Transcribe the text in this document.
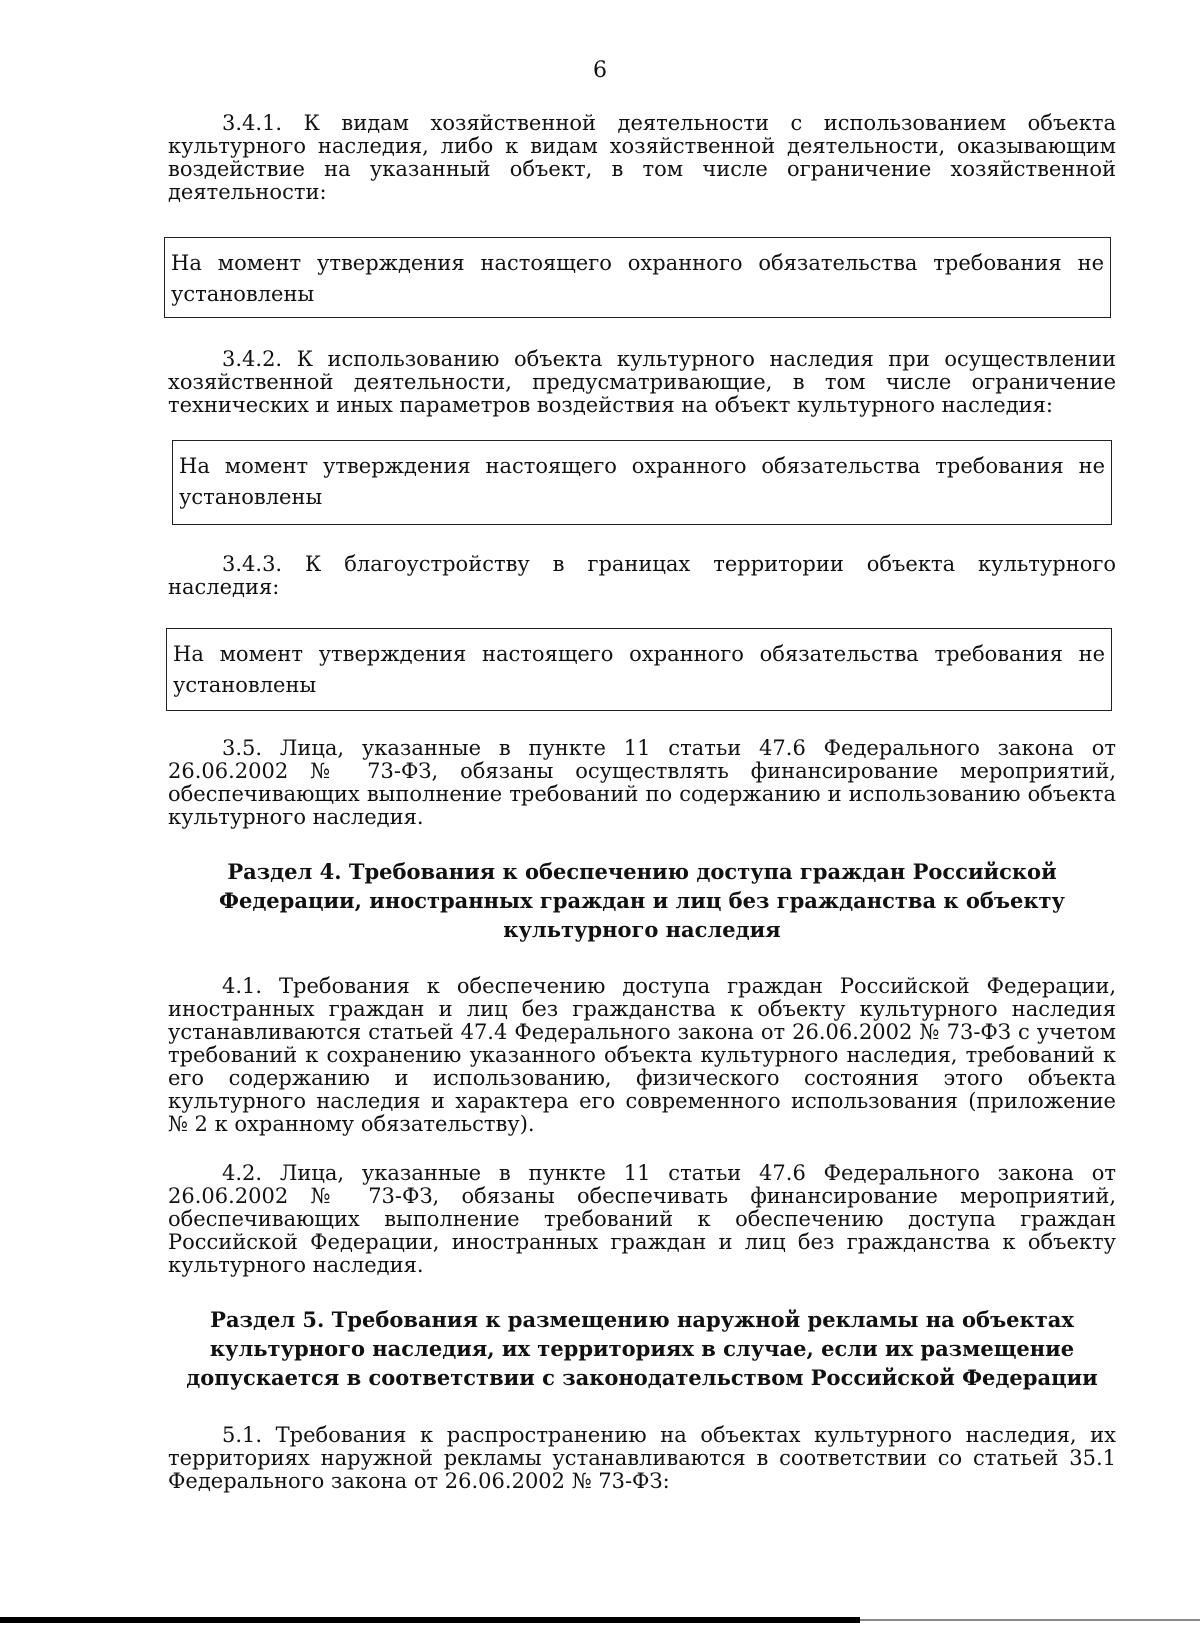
6
3.4.1. К видам хозяйственной деятельности с использованием объекта культурного наследия, либо к видам хозяйственной деятельности, оказывающим воздействие на указанный объект, в том числе ограничение хозяйственной деятельности:
На момент утверждения настоящего охранного обязательства требования не установлены
3.4.2. К использованию объекта культурного наследия при осуществлении хозяйственной деятельности, предусматривающие, в том числе ограничение технических и иных параметров воздействия на объект культурного наследия:
На момент утверждения настоящего охранного обязательства требования не установлены
3.4.3. К благоустройству в границах территории объекта культурного наследия:
На момент утверждения настоящего охранного обязательства требования не установлены
3.5. Лица, указанные в пункте 11 статьи 47.6 Федерального закона от 26.06.2002 № 73-ФЗ, обязаны осуществлять финансирование мероприятий, обеспечивающих выполнение требований по содержанию и использованию объекта культурного наследия.
Раздел 4. Требования к обеспечению доступа граждан Российской Федерации, иностранных граждан и лиц без гражданства к объекту культурного наследия
4.1. Требования к обеспечению доступа граждан Российской Федерации, иностранных граждан и лиц без гражданства к объекту культурного наследия устанавливаются статьей 47.4 Федерального закона от 26.06.2002 № 73-ФЗ с учетом требований к сохранению указанного объекта культурного наследия, требований к его содержанию и использованию, физического состояния этого объекта культурного наследия и характера его современного использования (приложение № 2 к охранному обязательству).
4.2. Лица, указанные в пункте 11 статьи 47.6 Федерального закона от 26.06.2002 № 73-ФЗ, обязаны обеспечивать финансирование мероприятий, обеспечивающих выполнение требований к обеспечению доступа граждан Российской Федерации, иностранных граждан и лиц без гражданства к объекту культурного наследия.
Раздел 5. Требования к размещению наружной рекламы на объектах культурного наследия, их территориях в случае, если их размещение допускается в соответствии с законодательством Российской Федерации
5.1. Требования к распространению на объектах культурного наследия, их территориях наружной рекламы устанавливаются в соответствии со статьей 35.1 Федерального закона от 26.06.2002 № 73-ФЗ:
